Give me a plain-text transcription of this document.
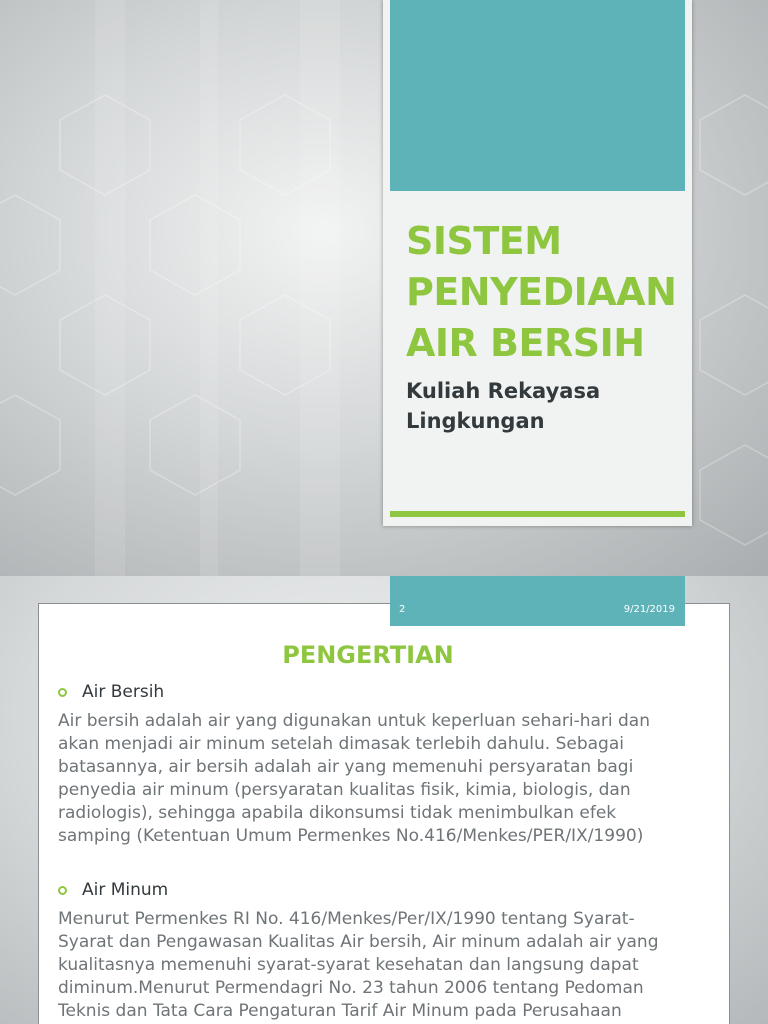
SISTEM
PENYEDIAAN
AIR BERSIH

Kuliah Rekayasa
Lingkungan

2	9/21/2019
PENGERTIAN

Air Bersih

Air bersih adalah air yang digunakan untuk keperluan sehari-hari dan
akan menjadi air minum setelah dimasak terlebih dahulu. Sebagai
batasannya, air bersih adalah air yang memenuhi persyaratan bagi
penyedia air minum (persyaratan kualitas fisik, kimia, biologis, dan
radiologis), sehingga apabila dikonsumsi tidak menimbulkan efek
samping (Ketentuan Umum Permenkes No.416/Menkes/PER/IX/1990)

Air Minum

Menurut Permenkes RI No. 416/Menkes/Per/IX/1990 tentang Syarat-
Syarat dan Pengawasan Kualitas Air bersih, Air minum adalah air yang
kualitasnya memenuhi syarat-syarat kesehatan dan langsung dapat
diminum.Menurut Permendagri No. 23 tahun 2006 tentang Pedoman
Teknis dan Tata Cara Pengaturan Tarif Air Minum pada Perusahaan
